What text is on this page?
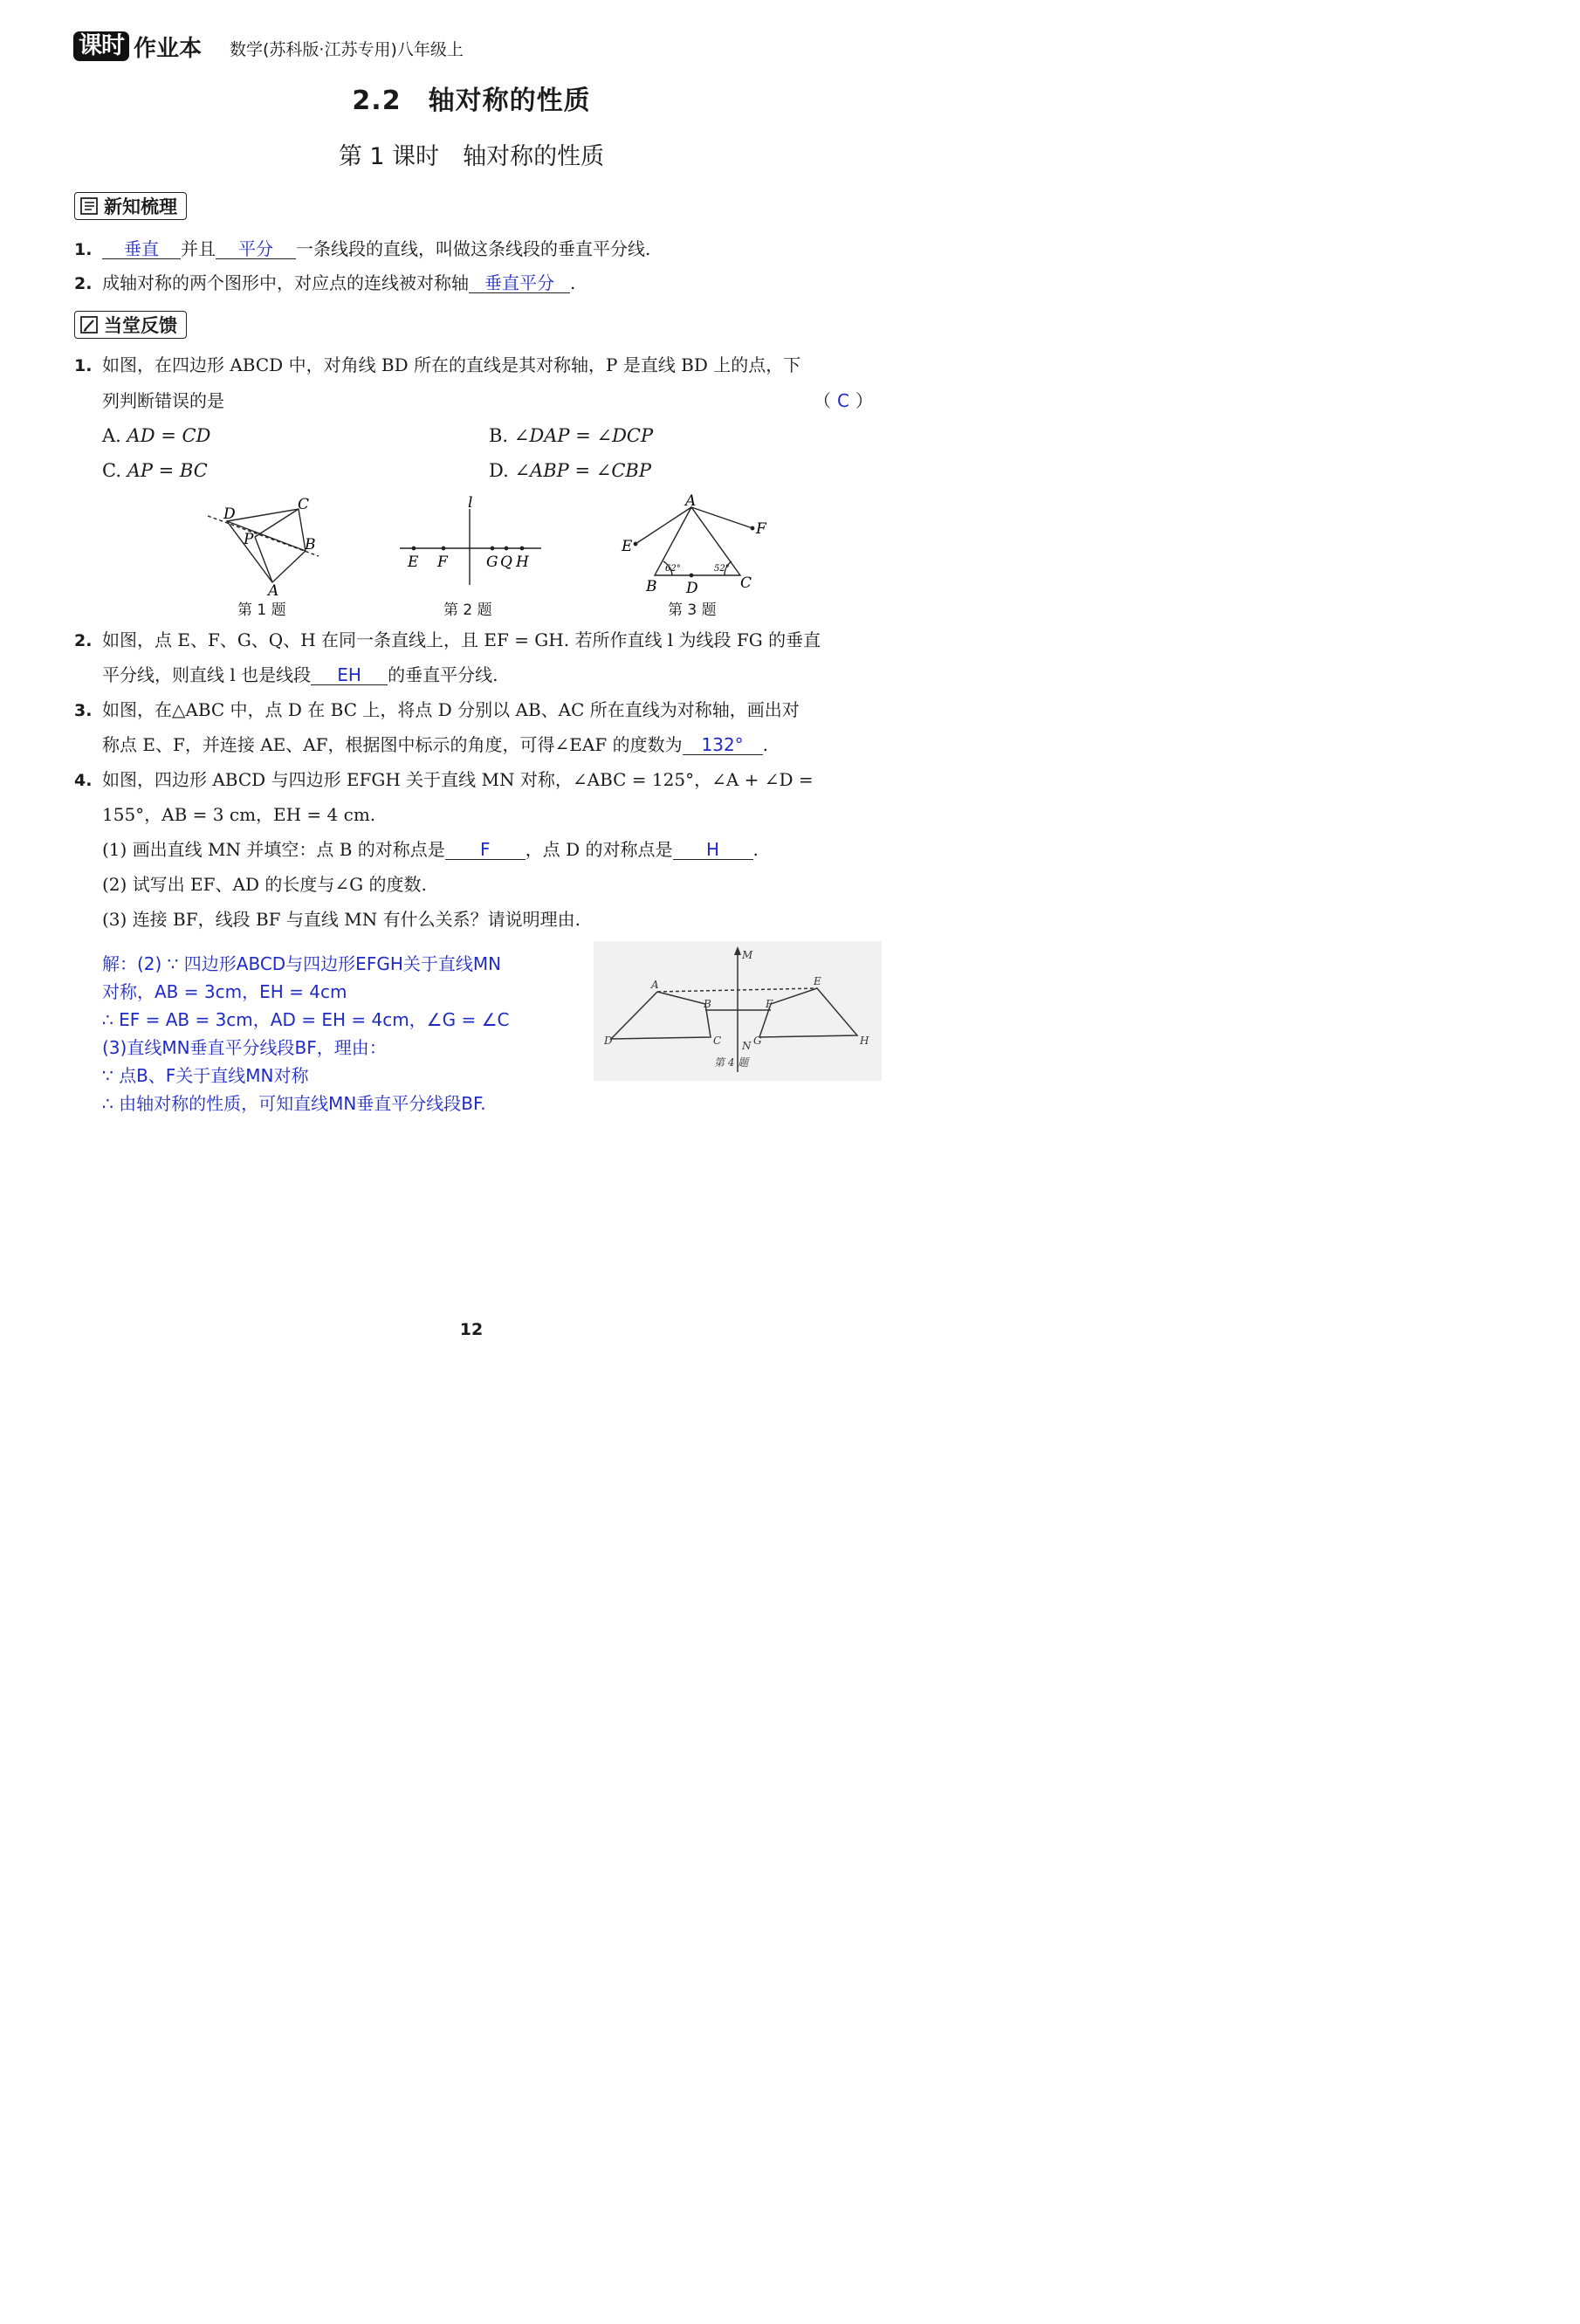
课时 作业本 数学(苏科版·江苏专用)八年级上
2.2　轴对称的性质
第 1 课时　轴对称的性质
新知梳理
1. 垂直 并且 平分 一条线段的直线，叫做这条线段的垂直平分线.
2. 成轴对称的两个图形中，对应点的连线被对称轴 垂直平分 .
当堂反馈
1. 如图，在四边形 ABCD 中，对角线 BD 所在的直线是其对称轴，P 是直线 BD 上的点，下
列判断错误的是	（ C ）
A. AD = CD	B. ∠DAP = ∠DCP
C. AP = BC	D. ∠ABP = ∠CBP
D
C
P	B
A
第 1 题
l
E F	G Q H
第 2 题
A
F
E
62°	52°
B D	C
第 3 题
2. 如图，点 E、F、G、Q、H 在同一条直线上，且 EF = GH. 若所作直线 l 为线段 FG 的垂直
平分线，则直线 l 也是线段 EH 的垂直平分线.
3. 如图，在△ABC 中，点 D 在 BC 上，将点 D 分别以 AB、AC 所在直线为对称轴，画出对
称点 E、F，并连接 AE、AF，根据图中标示的角度，可得∠EAF 的度数为 132° .
4. 如图，四边形 ABCD 与四边形 EFGH 关于直线 MN 对称，∠ABC = 125°，∠A + ∠D =
155°，AB = 3 cm，EH = 4 cm.
(1) 画出直线 MN 并填空：点 B 的对称点是 F ，点 D 的对称点是 H .
(2) 试写出 EF、AD 的长度与∠G 的度数.
(3) 连接 BF，线段 BF 与直线 MN 有什么关系？请说明理由.
解：(2) ∵ 四边形ABCD与四边形EFGH关于直线MN
对称，AB = 3cm，EH = 4cm
∴ EF = AB = 3cm，AD = EH = 4cm，∠G = ∠C
(3)直线MN垂直平分线段BF，理由：
∵ 点B、F关于直线MN对称
∴ 由轴对称的性质，可知直线MN垂直平分线段BF.
M
A	E
B	F
D	C N G	H
第 4 题
12
